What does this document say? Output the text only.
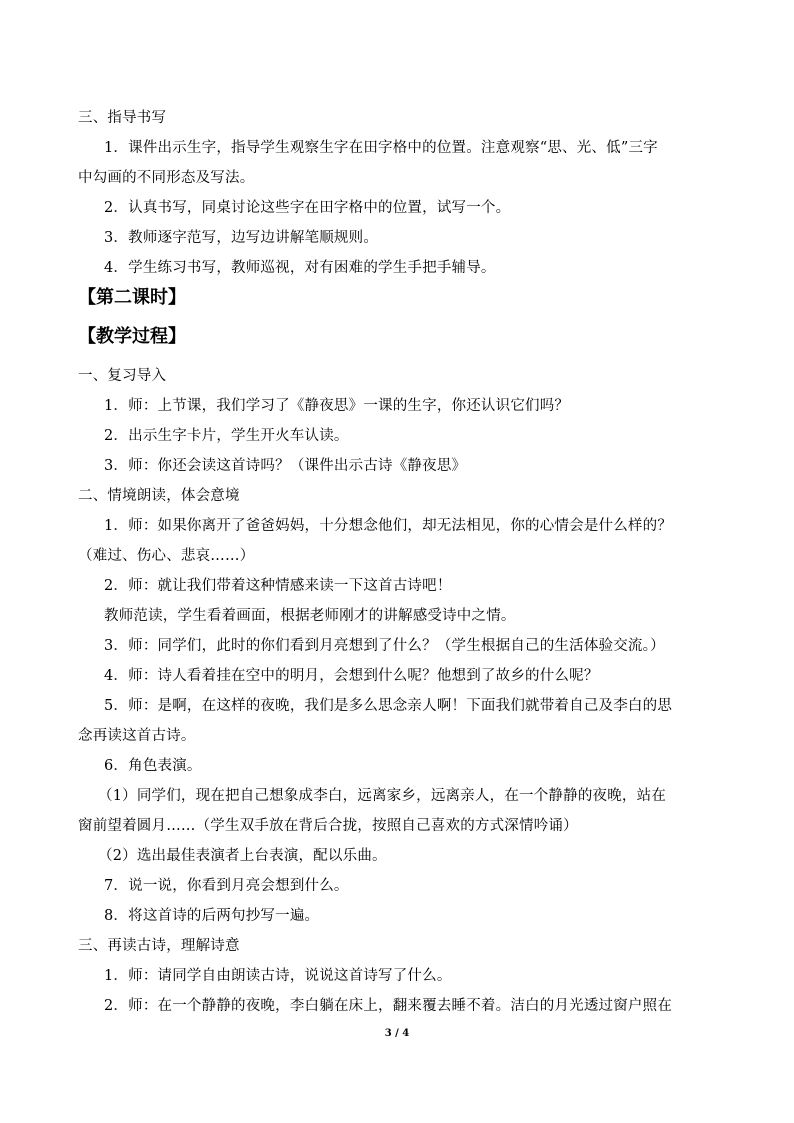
三、指导书写
1．课件出示生字，指导学生观察生字在田字格中的位置。注意观察“思、光、低”三字
中勾画的不同形态及写法。
2．认真书写，同桌讨论这些字在田字格中的位置，试写一个。
3．教师逐字范写，边写边讲解笔顺规则。
4．学生练习书写，教师巡视，对有困难的学生手把手辅导。
【第二课时】
【教学过程】
一、复习导入
1．师：上节课，我们学习了《静夜思》一课的生字，你还认识它们吗？
2．出示生字卡片，学生开火车认读。
3．师：你还会读这首诗吗？（课件出示古诗《静夜思》
二、情境朗读，体会意境
1．师：如果你离开了爸爸妈妈，十分想念他们，却无法相见，你的心情会是什么样的？
（难过、伤心、悲哀……）
2．师：就让我们带着这种情感来读一下这首古诗吧！
教师范读，学生看着画面，根据老师刚才的讲解感受诗中之情。
3．师：同学们，此时的你们看到月亮想到了什么？（学生根据自己的生活体验交流。）
4．师：诗人看着挂在空中的明月，会想到什么呢？他想到了故乡的什么呢？
5．师：是啊，在这样的夜晚，我们是多么思念亲人啊！下面我们就带着自己及李白的思
念再读这首古诗。
6．角色表演。
（1）同学们，现在把自己想象成李白，远离家乡，远离亲人，在一个静静的夜晚，站在
窗前望着圆月……（学生双手放在背后合拢，按照自己喜欢的方式深情吟诵）
（2）选出最佳表演者上台表演，配以乐曲。
7．说一说，你看到月亮会想到什么。
8．将这首诗的后两句抄写一遍。
三、再读古诗，理解诗意
1．师：请同学自由朗读古诗，说说这首诗写了什么。
2．师：在一个静静的夜晚，李白躺在床上，翻来覆去睡不着。洁白的月光透过窗户照在
3 / 4
